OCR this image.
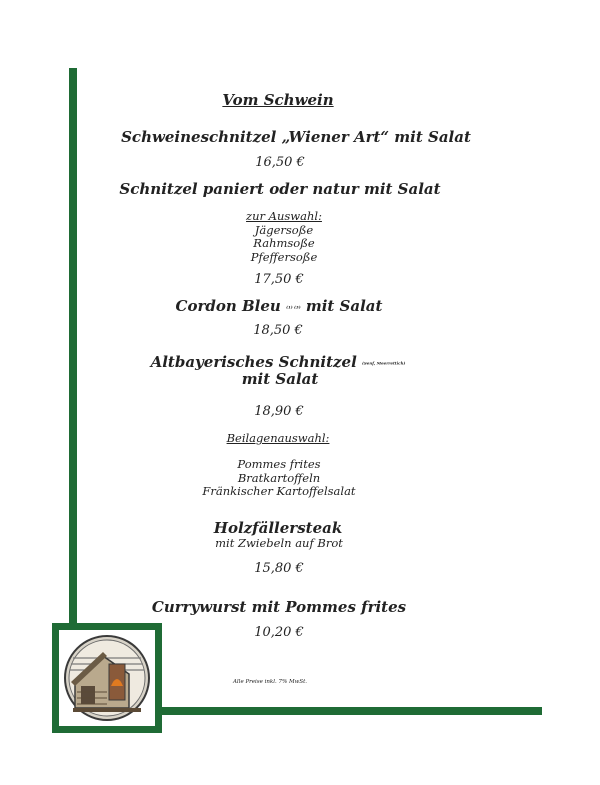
Vom Schwein
Schweineschnitzel „Wiener Art“ mit Salat
16,50 €
Schnitzel paniert oder natur mit Salat
zur Auswahl:
Jägersoße
Rahmsoße
Pfeffersoße
17,50 €
Cordon Bleu (1) (3) mit Salat
18,50 €
Altbayerisches Schnitzel (Senf, Meerrettich)
mit Salat
18,90 €
Beilagenauswahl:
Pommes frites
Bratkartoffeln
Fränkischer Kartoffelsalat
Holzfällersteak
mit Zwiebeln auf Brot
15,80 €
Currywurst mit Pommes frites
10,20 €
Alle Preise inkl. 7% MwSt.
